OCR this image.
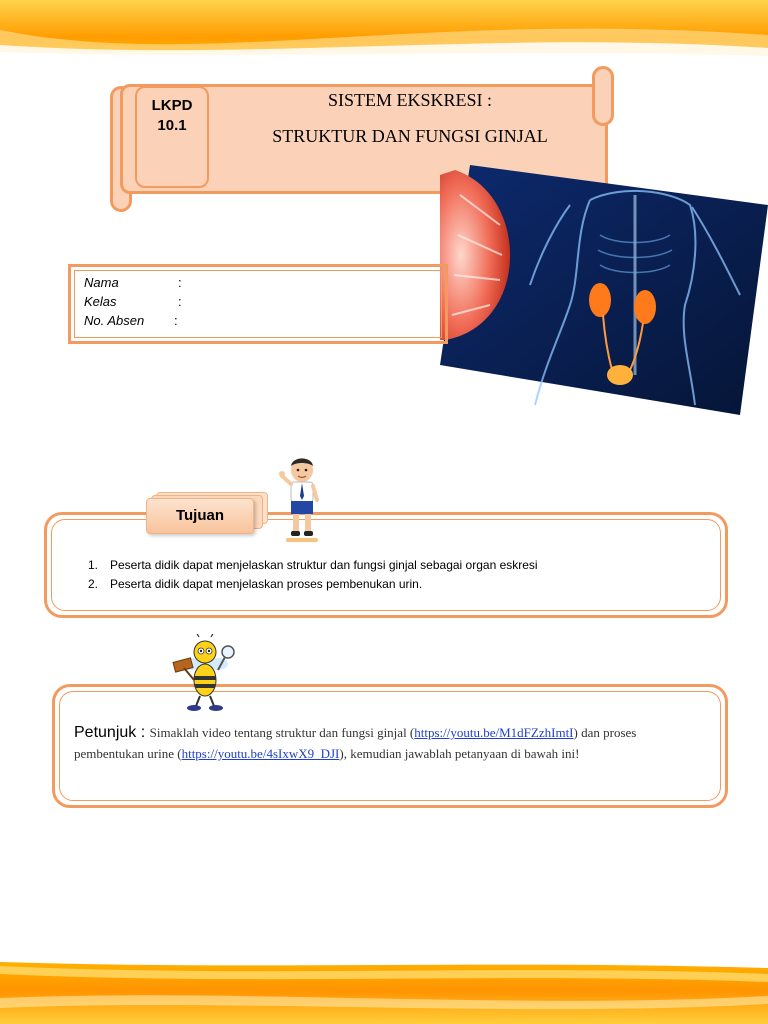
LKPD
10.1
SISTEM EKSKRESI :
STRUKTUR DAN FUNGSI GINJAL
Nama	:
Kelas	:
No. Absen :
Tujuan
1. Peserta didik dapat menjelaskan struktur dan fungsi ginjal sebagai organ eskresi
2. Peserta didik dapat menjelaskan proses pembenukan urin.
Petunjuk : Simaklah video tentang struktur dan fungsi ginjal (https://youtu.be/M1dFZzhImtI) dan proses pembentukan urine (https://youtu.be/4sIxwX9_DJI), kemudian jawablah petanyaan di bawah ini!
